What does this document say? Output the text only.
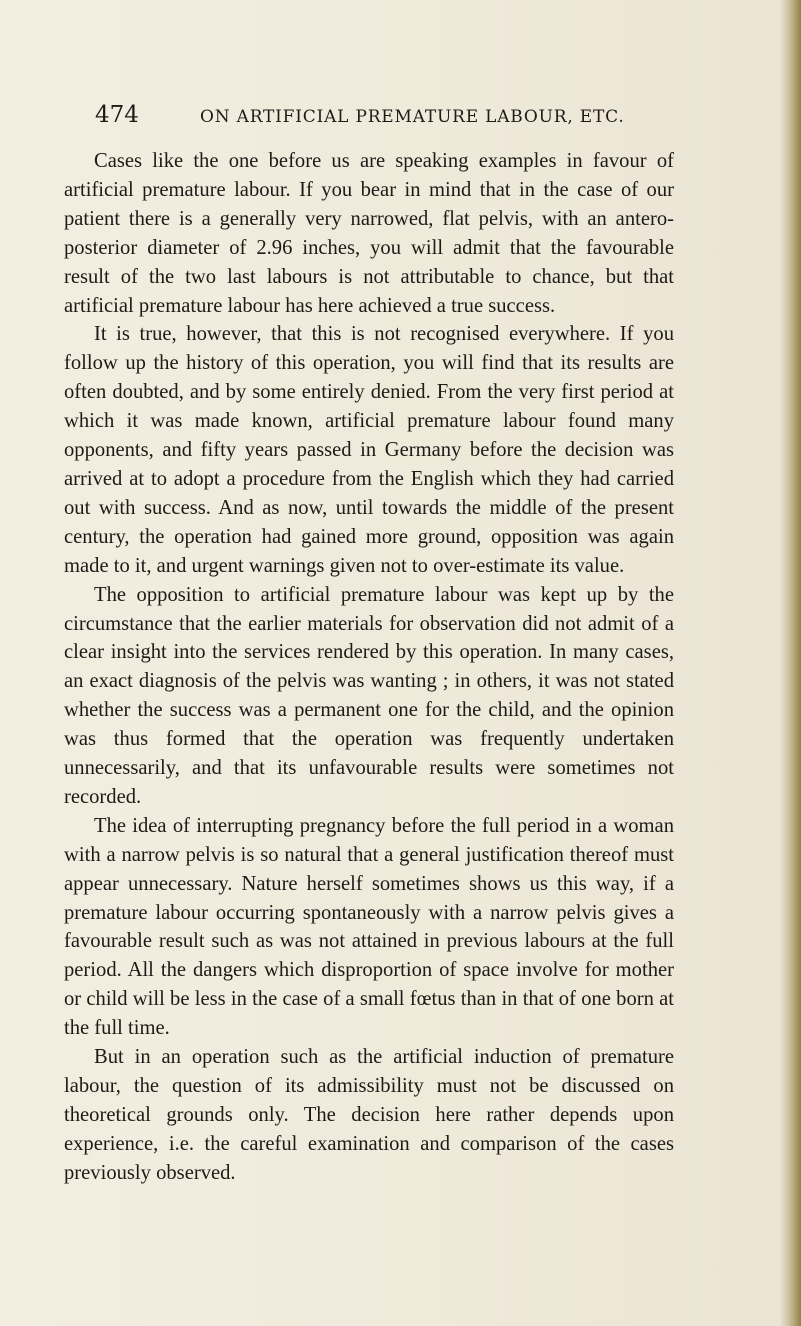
474	ON ARTIFICIAL PREMATURE LABOUR, ETC.

Cases like the one before us are speaking examples in favour of artificial premature labour. If you bear in mind that in the case of our patient there is a generally very narrowed, flat pelvis, with an antero-posterior diameter of 2.96 inches, you will admit that the favourable result of the two last labours is not attributable to chance, but that artificial premature labour has here achieved a true success.

It is true, however, that this is not recognised everywhere. If you follow up the history of this operation, you will find that its results are often doubted, and by some entirely denied. From the very first period at which it was made known, artificial premature labour found many opponents, and fifty years passed in Germany before the decision was arrived at to adopt a procedure from the English which they had carried out with success. And as now, until towards the middle of the present century, the operation had gained more ground, opposition was again made to it, and urgent warnings given not to over-estimate its value.

The opposition to artificial premature labour was kept up by the circumstance that the earlier materials for observation did not admit of a clear insight into the services rendered by this operation. In many cases, an exact diagnosis of the pelvis was wanting ; in others, it was not stated whether the success was a permanent one for the child, and the opinion was thus formed that the operation was frequently undertaken unnecessarily, and that its unfavourable results were sometimes not recorded.

The idea of interrupting pregnancy before the full period in a woman with a narrow pelvis is so natural that a general justification thereof must appear unnecessary. Nature herself sometimes shows us this way, if a premature labour occurring spontaneously with a narrow pelvis gives a favourable result such as was not attained in previous labours at the full period. All the dangers which disproportion of space involve for mother or child will be less in the case of a small fœtus than in that of one born at the full time.

But in an operation such as the artificial induction of premature labour, the question of its admissibility must not be discussed on theoretical grounds only. The decision here rather depends upon experience, i.e. the careful examination and comparison of the cases previously observed.
